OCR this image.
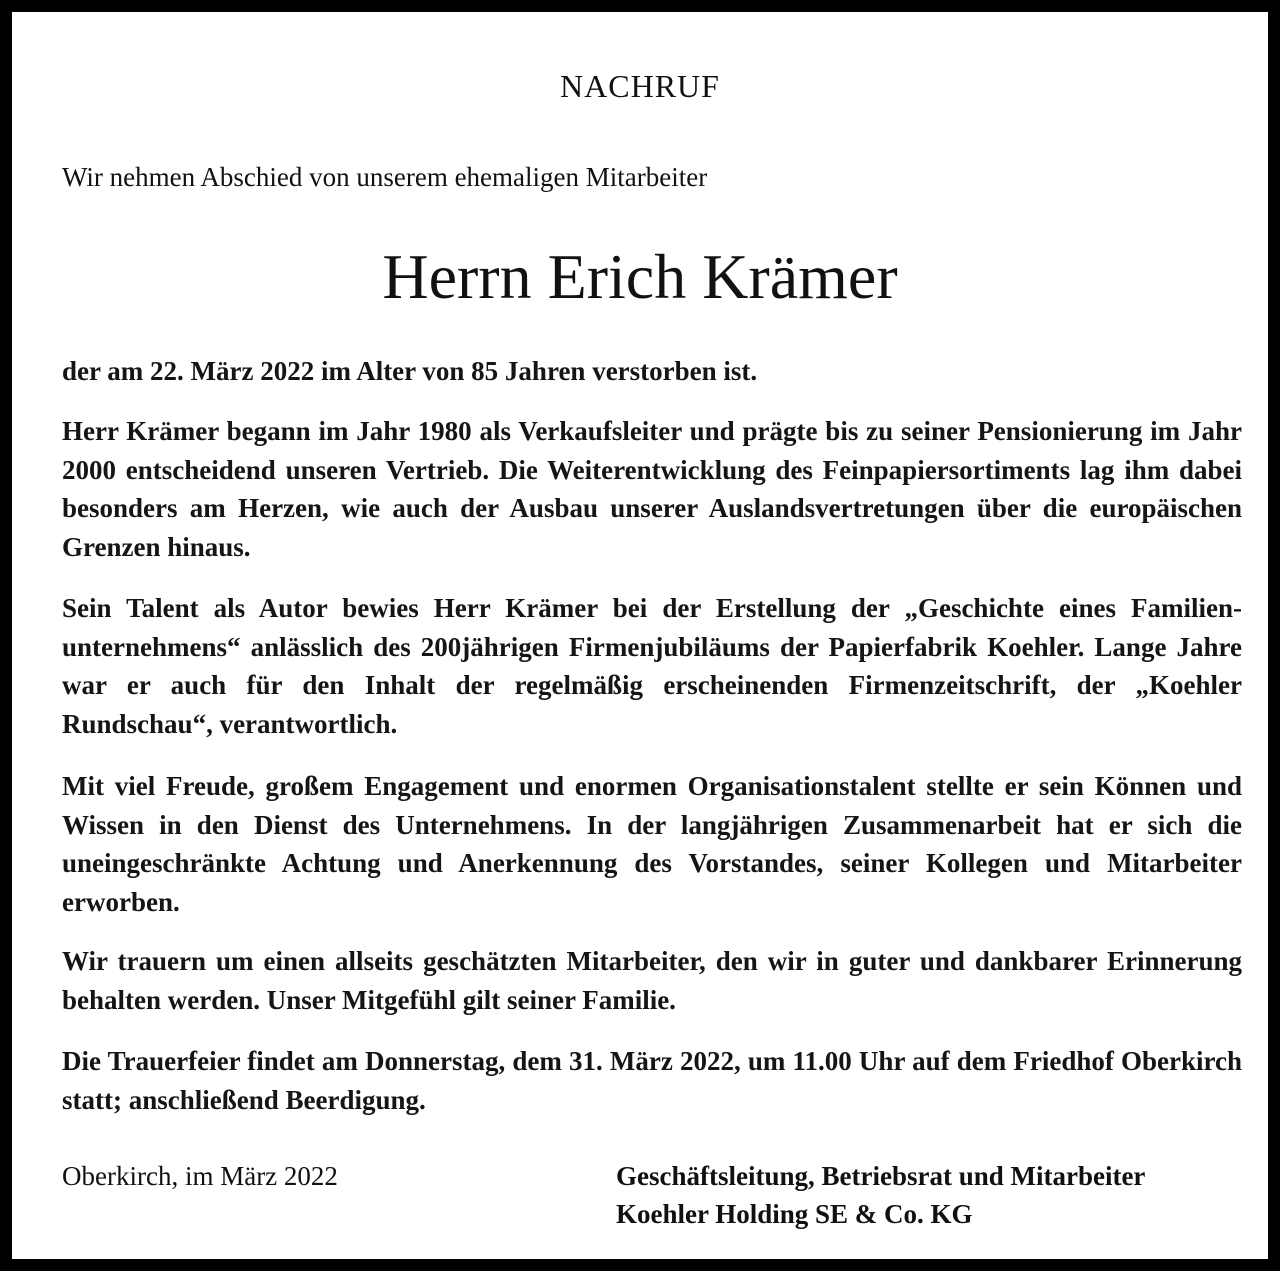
NACHRUF

Wir nehmen Abschied von unserem ehemaligen Mitarbeiter

Herrn Erich Krämer

der am 22. März 2022 im Alter von 85 Jahren verstorben ist.

Herr Krämer begann im Jahr 1980 als Verkaufsleiter und prägte bis zu seiner Pensionierung im Jahr 2000 entscheidend unseren Vertrieb. Die Weiterentwicklung des Feinpapiersortiments lag ihm dabei besonders am Herzen, wie auch der Ausbau unserer Auslandsvertretungen über die europäischen Grenzen hinaus.

Sein Talent als Autor bewies Herr Krämer bei der Erstellung der „Geschichte eines Familienunternehmens“ anlässlich des 200jährigen Firmenjubiläums der Papierfabrik Koehler. Lange Jahre war er auch für den Inhalt der regelmäßig erscheinenden Firmenzeitschrift, der „Koehler Rundschau“, verantwortlich.

Mit viel Freude, großem Engagement und enormen Organisationstalent stellte er sein Können und Wissen in den Dienst des Unternehmens. In der langjährigen Zusammenarbeit hat er sich die uneingeschränkte Achtung und Anerkennung des Vorstandes, seiner Kollegen und Mitarbeiter erworben.

Wir trauern um einen allseits geschätzten Mitarbeiter, den wir in guter und dankbarer Erinnerung behalten werden. Unser Mitgefühl gilt seiner Familie.

Die Trauerfeier findet am Donnerstag, dem 31. März 2022, um 11.00 Uhr auf dem Friedhof Oberkirch statt; anschließend Beerdigung.

Oberkirch, im März 2022	Geschäftsleitung, Betriebsrat und Mitarbeiter
Koehler Holding SE & Co. KG
